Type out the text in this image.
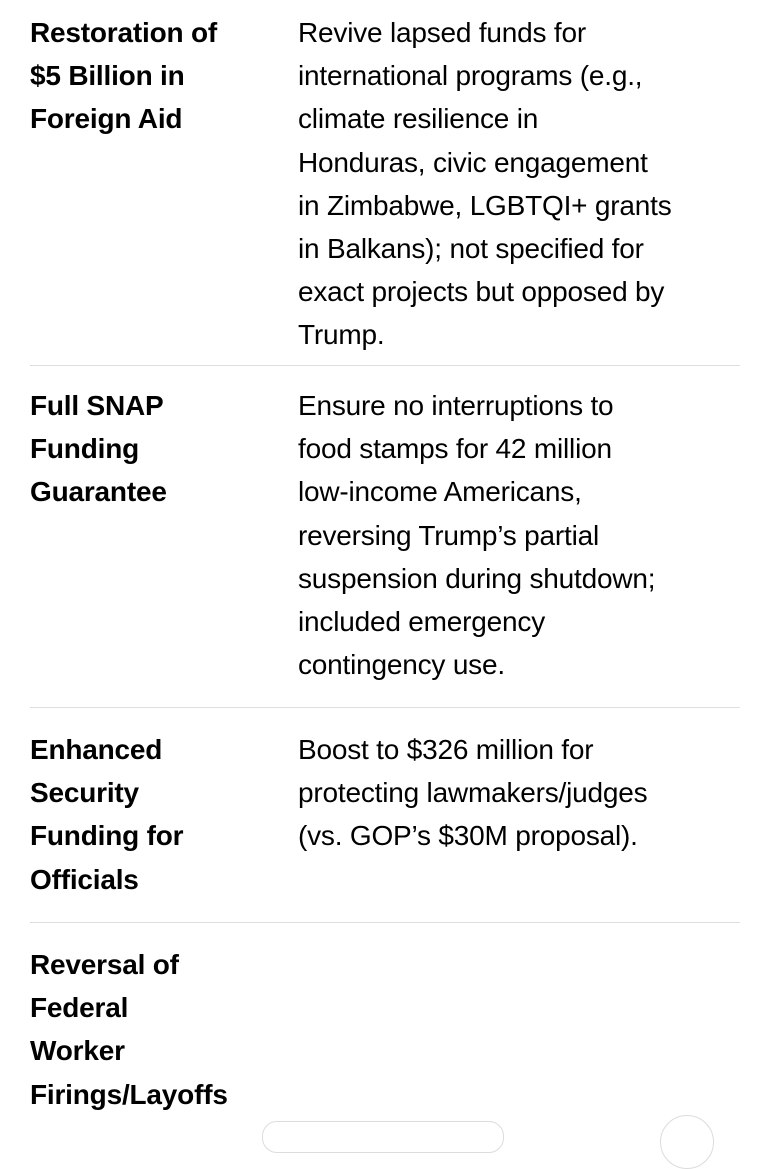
Restoration of
$5 Billion in
Foreign Aid
Revive lapsed funds for
international programs (e.g.,
climate resilience in
Honduras, civic engagement
in Zimbabwe, LGBTQI+ grants
in Balkans); not specified for
exact projects but opposed by
Trump.
Full SNAP
Funding
Guarantee
Ensure no interruptions to
food stamps for 42 million
low-income Americans,
reversing Trump’s partial
suspension during shutdown;
included emergency
contingency use.
Enhanced
Security
Funding for
Officials
Boost to $326 million for
protecting lawmakers/judges
(vs. GOP’s $30M proposal).
Reversal of
Federal
Worker
Firings/Layoffs
